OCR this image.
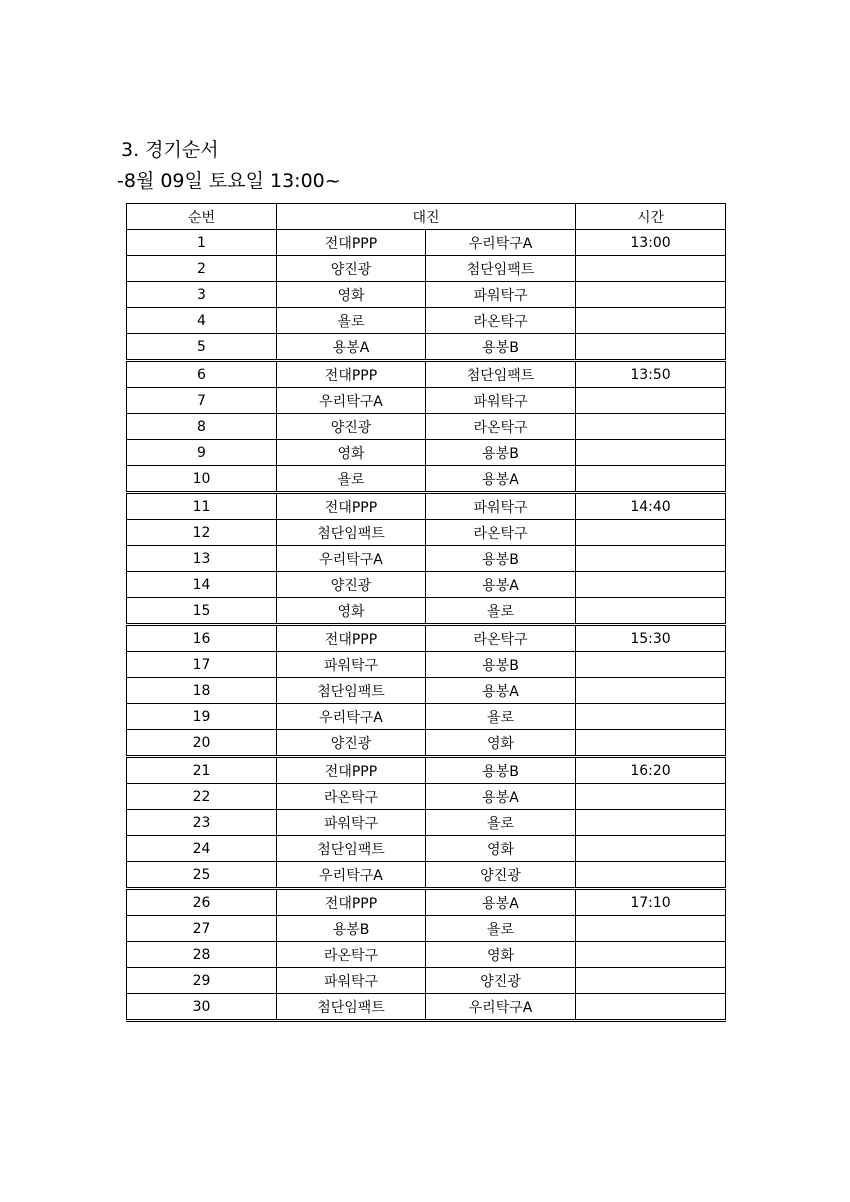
3. 경기순서
-8월 09일 토요일 13:00~
순번	대진		시간
1	전대PPP	우리탁구A	13:00
2	양진광	첨단임팩트	
3	영화	파워탁구	
4	욜로	라온탁구	
5	용봉A	용봉B	
6	전대PPP	첨단임팩트	13:50
7	우리탁구A	파워탁구	
8	양진광	라온탁구	
9	영화	용봉B	
10	욜로	용봉A	
11	전대PPP	파워탁구	14:40
12	첨단임팩트	라온탁구	
13	우리탁구A	용봉B	
14	양진광	용봉A	
15	영화	욜로	
16	전대PPP	라온탁구	15:30
17	파워탁구	용봉B	
18	첨단임팩트	용봉A	
19	우리탁구A	욜로	
20	양진광	영화	
21	전대PPP	용봉B	16:20
22	라온탁구	용봉A	
23	파워탁구	욜로	
24	첨단임팩트	영화	
25	우리탁구A	양진광	
26	전대PPP	용봉A	17:10
27	용봉B	욜로	
28	라온탁구	영화	
29	파워탁구	양진광	
30	첨단임팩트	우리탁구A	
